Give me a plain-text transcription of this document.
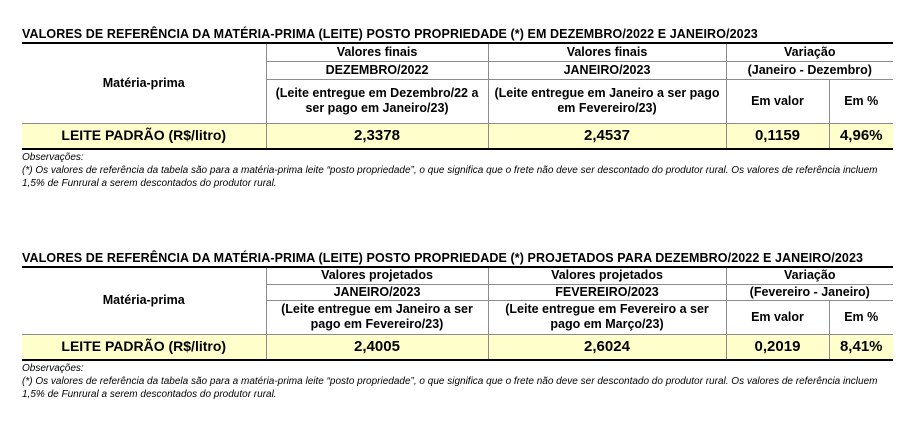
VALORES DE REFERÊNCIA DA MATÉRIA-PRIMA (LEITE) POSTO PROPRIEDADE (*) EM DEZEMBRO/2022 E JANEIRO/2023
Matéria-prima	Valores finais	Valores finais	Variação	
	DEZEMBRO/2022	JANEIRO/2023	(Janeiro - Dezembro)	
	(Leite entregue em Dezembro/22 a ser pago em Janeiro/23)	(Leite entregue em Janeiro a ser pago em Fevereiro/23)	Em valor	Em %
LEITE PADRÃO (R$/litro)	2,3378	2,4537	0,1159	4,96%
Observações:
(*) Os valores de referência da tabela são para a matéria-prima leite “posto propriedade”, o que significa que o frete não deve ser descontado do produtor rural. Os valores de referência incluem 1,5% de Funrural a serem descontados do produtor rural.
VALORES DE REFERÊNCIA DA MATÉRIA-PRIMA (LEITE) POSTO PROPRIEDADE (*) PROJETADOS PARA DEZEMBRO/2022 E JANEIRO/2023
Matéria-prima	Valores projetados	Valores projetados	Variação	
	JANEIRO/2023	FEVEREIRO/2023	(Fevereiro - Janeiro)	
	(Leite entregue em Janeiro a ser pago em Fevereiro/23)	(Leite entregue em Fevereiro a ser pago em Março/23)	Em valor	Em %
LEITE PADRÃO (R$/litro)	2,4005	2,6024	0,2019	8,41%
Observações:
(*) Os valores de referência da tabela são para a matéria-prima leite “posto propriedade”, o que significa que o frete não deve ser descontado do produtor rural. Os valores de referência incluem 1,5% de Funrural a serem descontados do produtor rural.
